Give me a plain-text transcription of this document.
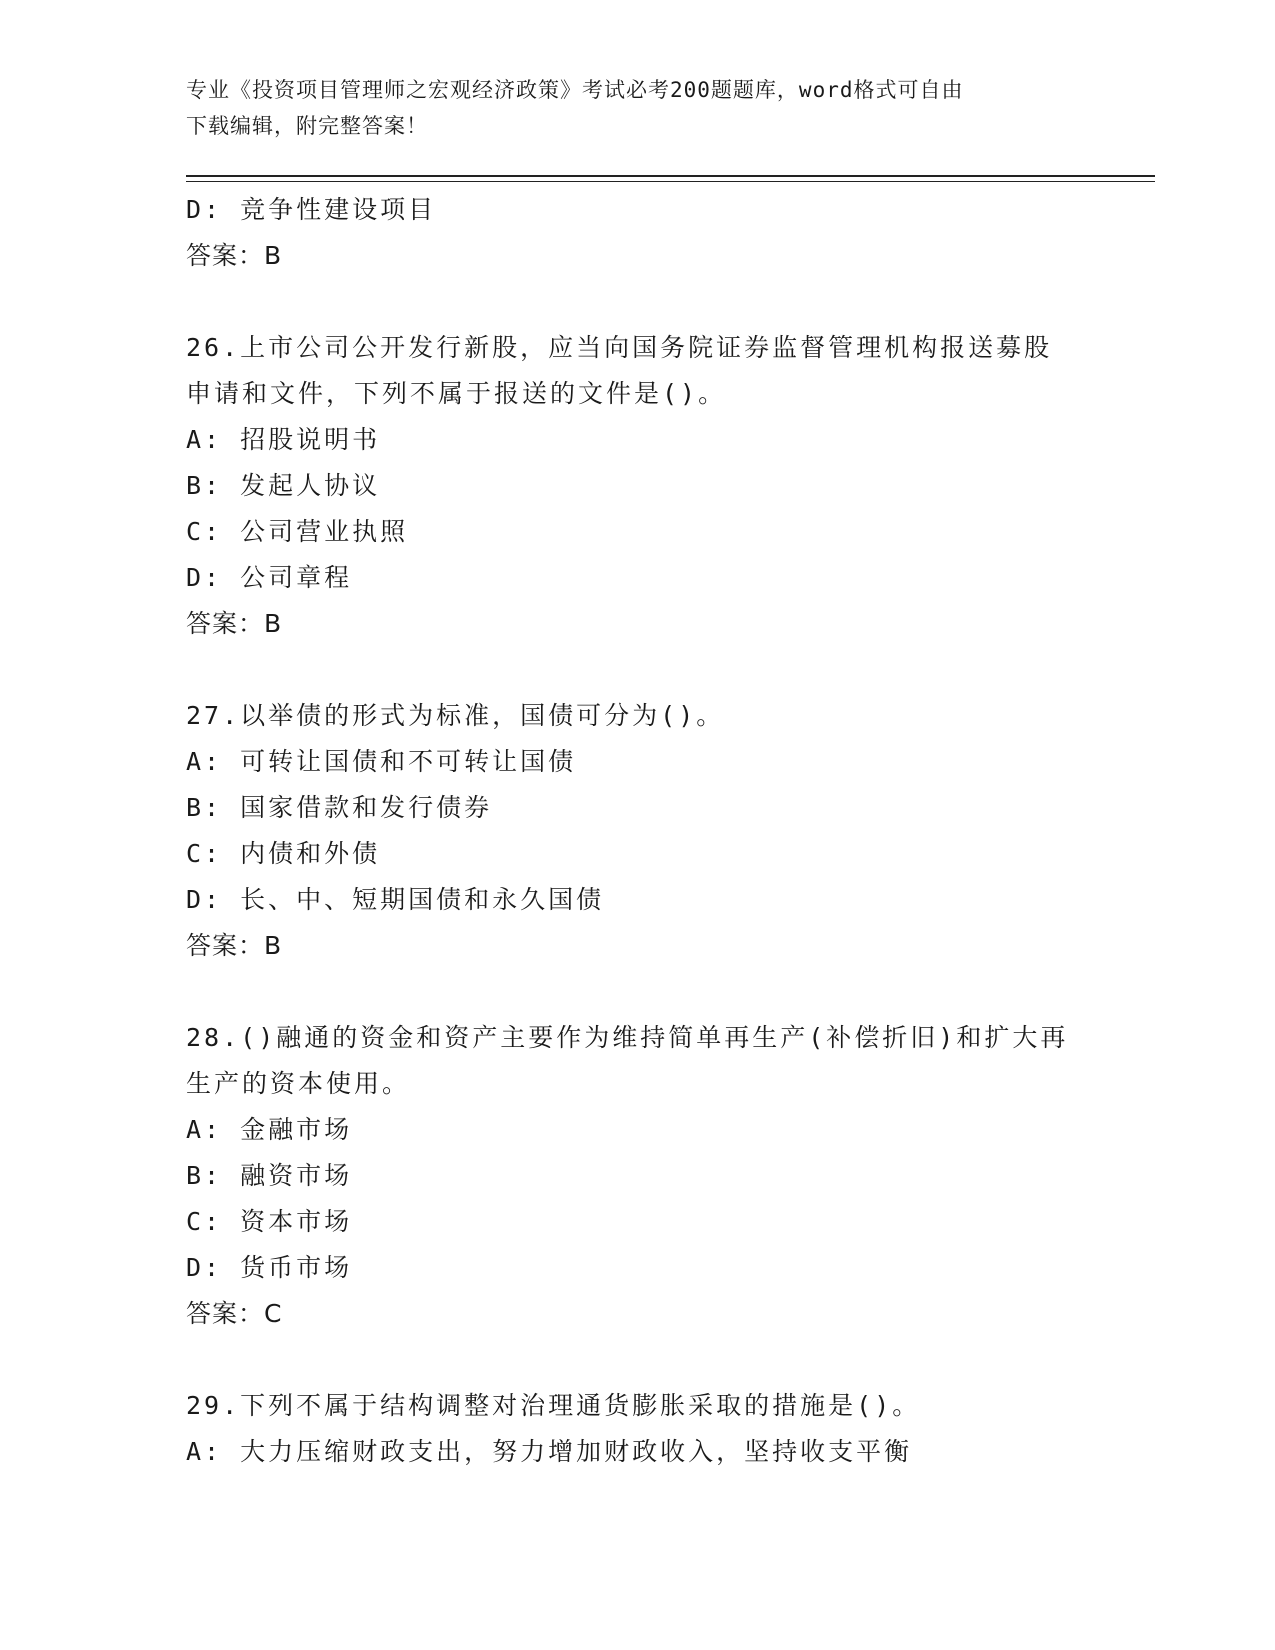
专业《投资项目管理师之宏观经济政策》考试必考200题题库，word格式可自由
下载编辑，附完整答案！
D: 竞争性建设项目
答案：B
26.上市公司公开发行新股，应当向国务院证券监督管理机构报送募股
申请和文件，下列不属于报送的文件是()。
A: 招股说明书
B: 发起人协议
C: 公司营业执照
D: 公司章程
答案：B
27.以举债的形式为标准，国债可分为()。
A: 可转让国债和不可转让国债
B: 国家借款和发行债券
C: 内债和外债
D: 长、中、短期国债和永久国债
答案：B
28.()融通的资金和资产主要作为维持简单再生产(补偿折旧)和扩大再
生产的资本使用。
A: 金融市场
B: 融资市场
C: 资本市场
D: 货币市场
答案：C
29.下列不属于结构调整对治理通货膨胀采取的措施是()。
A: 大力压缩财政支出，努力增加财政收入，坚持收支平衡
